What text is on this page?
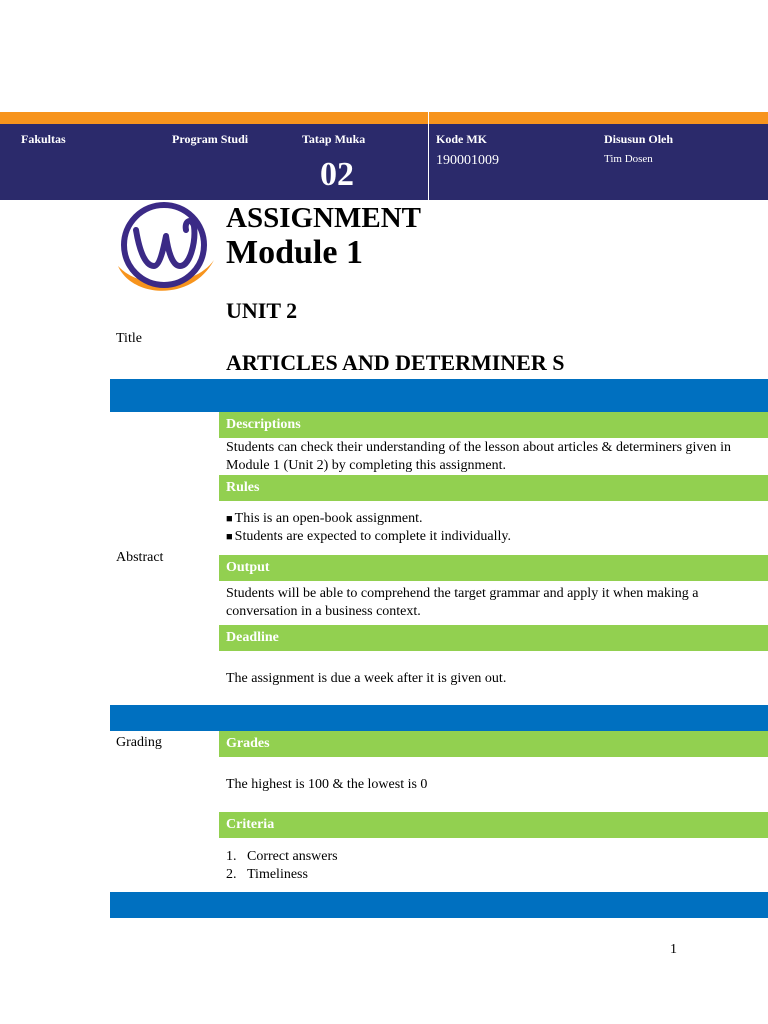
Fakultas	Program Studi	Tatap Muka
02
Kode MK
190001009
Disusun Oleh
Tim Dosen
ASSIGNMENT
Module 1
UNIT 2
ARTICLES AND DETERMINER S
Title
Abstract
Descriptions
Students can check their understanding of the lesson about articles & determiners given in Module 1 (Unit 2) by completing this assignment.
Rules
■ This is an open-book assignment.
■ Students are expected to complete it individually.
Output
Students will be able to comprehend the target grammar and apply it when making a conversation in a business context.
Deadline
The assignment is due a week after it is given out.
Grading	Grades
The highest is 100 & the lowest is 0
Criteria
1. Correct answers
2. Timeliness
1
